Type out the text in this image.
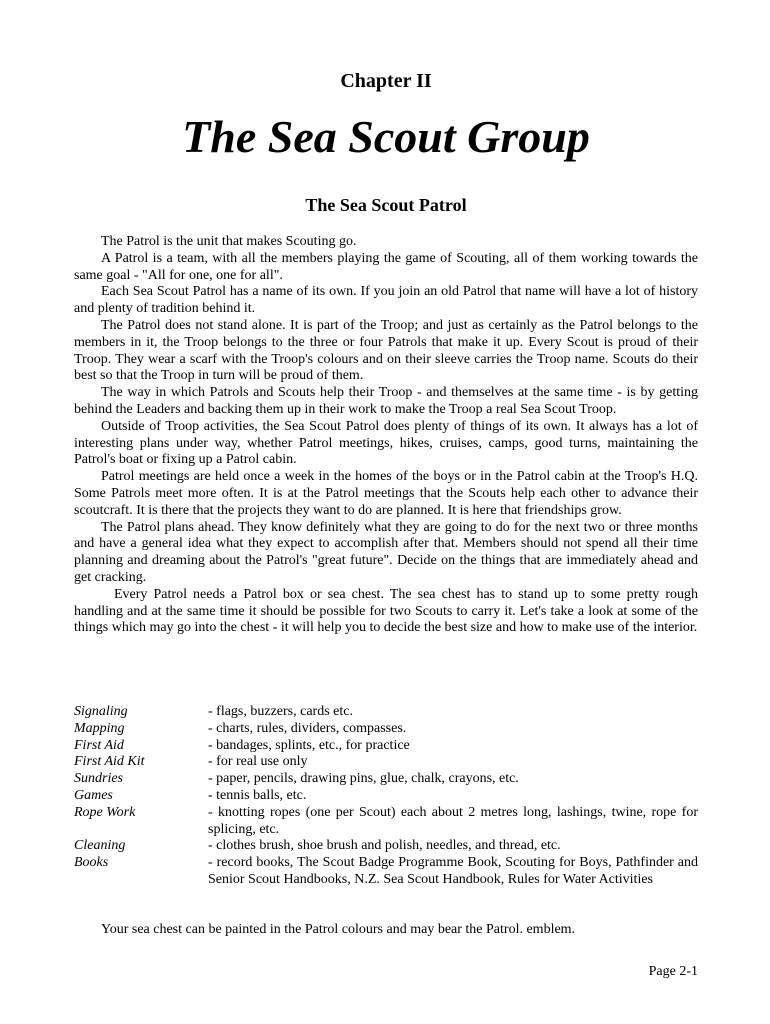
Chapter II
The Sea Scout Group
The Sea Scout Patrol

The Patrol is the unit that makes Scouting go.

A Patrol is a team, with all the members playing the game of Scouting, all of them working towards the same goal - "All for one, one for all".

Each Sea Scout Patrol has a name of its own. If you join an old Patrol that name will have a lot of history and plenty of tradition behind it.

The Patrol does not stand alone. It is part of the Troop; and just as certainly as the Patrol belongs to the members in it, the Troop belongs to the three or four Patrols that make it up. Every Scout is proud of their Troop. They wear a scarf with the Troop's colours and on their sleeve carries the Troop name. Scouts do their best so that the Troop in turn will be proud of them.

The way in which Patrols and Scouts help their Troop - and themselves at the same time - is by getting behind the Leaders and backing them up in their work to make the Troop a real Sea Scout Troop.

Outside of Troop activities, the Sea Scout Patrol does plenty of things of its own. It always has a lot of interesting plans under way, whether Patrol meetings, hikes, cruises, camps, good turns, maintaining the Patrol's boat or fixing up a Patrol cabin.

Patrol meetings are held once a week in the homes of the boys or in the Patrol cabin at the Troop's H.Q. Some Patrols meet more often. It is at the Patrol meetings that the Scouts help each other to advance their scoutcraft. It is there that the projects they want to do are planned. It is here that friendships grow.

The Patrol plans ahead. They know definitely what they are going to do for the next two or three months and have a general idea what they expect to accomplish after that. Members should not spend all their time planning and dreaming about the Patrol's "great future". Decide on the things that are immediately ahead and get cracking.

Every Patrol needs a Patrol box or sea chest. The sea chest has to stand up to some pretty rough handling and at the same time it should be possible for two Scouts to carry it. Let's take a look at some of the things which may go into the chest - it will help you to decide the best size and how to make use of the interior.

Signaling	- flags, buzzers, cards etc.
Mapping	- charts, rules, dividers, compasses.
First Aid	- bandages, splints, etc., for practice
First Aid Kit	- for real use only
Sundries	- paper, pencils, drawing pins, glue, chalk, crayons, etc.
Games	- tennis balls, etc.
Rope Work	- knotting ropes (one per Scout) each about 2 metres long, lashings, twine, rope for splicing, etc.
Cleaning	- clothes brush, shoe brush and polish, needles, and thread, etc.
Books	- record books, The Scout Badge Programme Book, Scouting for Boys, Pathfinder and Senior Scout Handbooks, N.Z. Sea Scout Handbook, Rules for Water Activities

Your sea chest can be painted in the Patrol colours and may bear the Patrol. emblem.

Page 2-1
